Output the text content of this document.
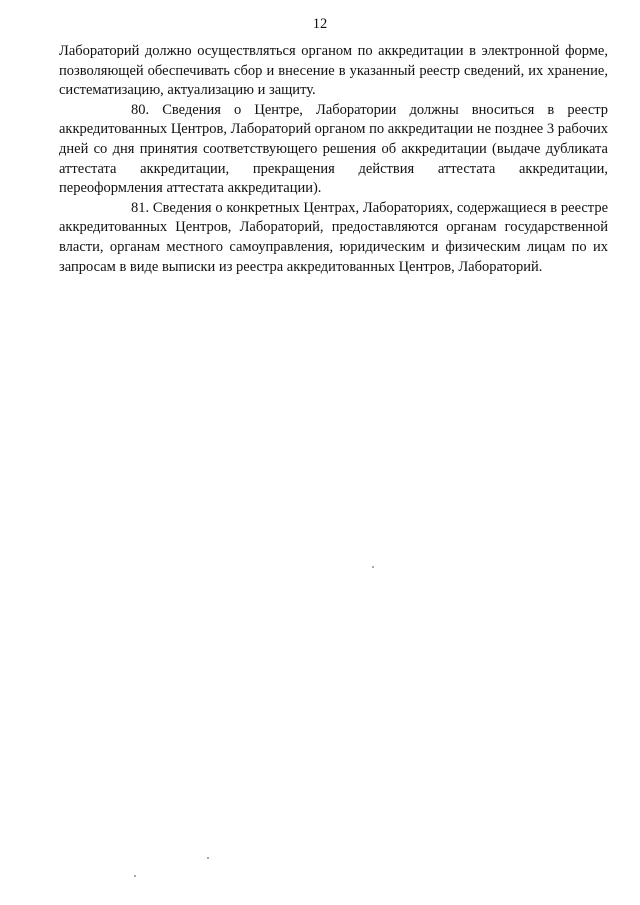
12

Лабораторий должно осуществляться органом по аккредитации в электронной форме, позволяющей обеспечивать сбор и внесение в указанный реестр сведений, их хранение, систематизацию, актуализацию и защиту.

80. Сведения о Центре, Лаборатории должны вноситься в реестр аккредитованных Центров, Лабораторий органом по аккредитации не позднее 3 рабочих дней со дня принятия соответствующего решения об аккредитации (выдаче дубликата аттестата аккредитации, прекращения действия аттестата аккредитации, переоформления аттестата аккредитации).

81. Сведения о конкретных Центрах, Лабораториях, содержащиеся в реестре аккредитованных Центров, Лабораторий, предоставляются органам государственной власти, органам местного самоуправления, юридическим и физическим лицам по их запросам в виде выписки из реестра аккредитованных Центров, Лабораторий.
